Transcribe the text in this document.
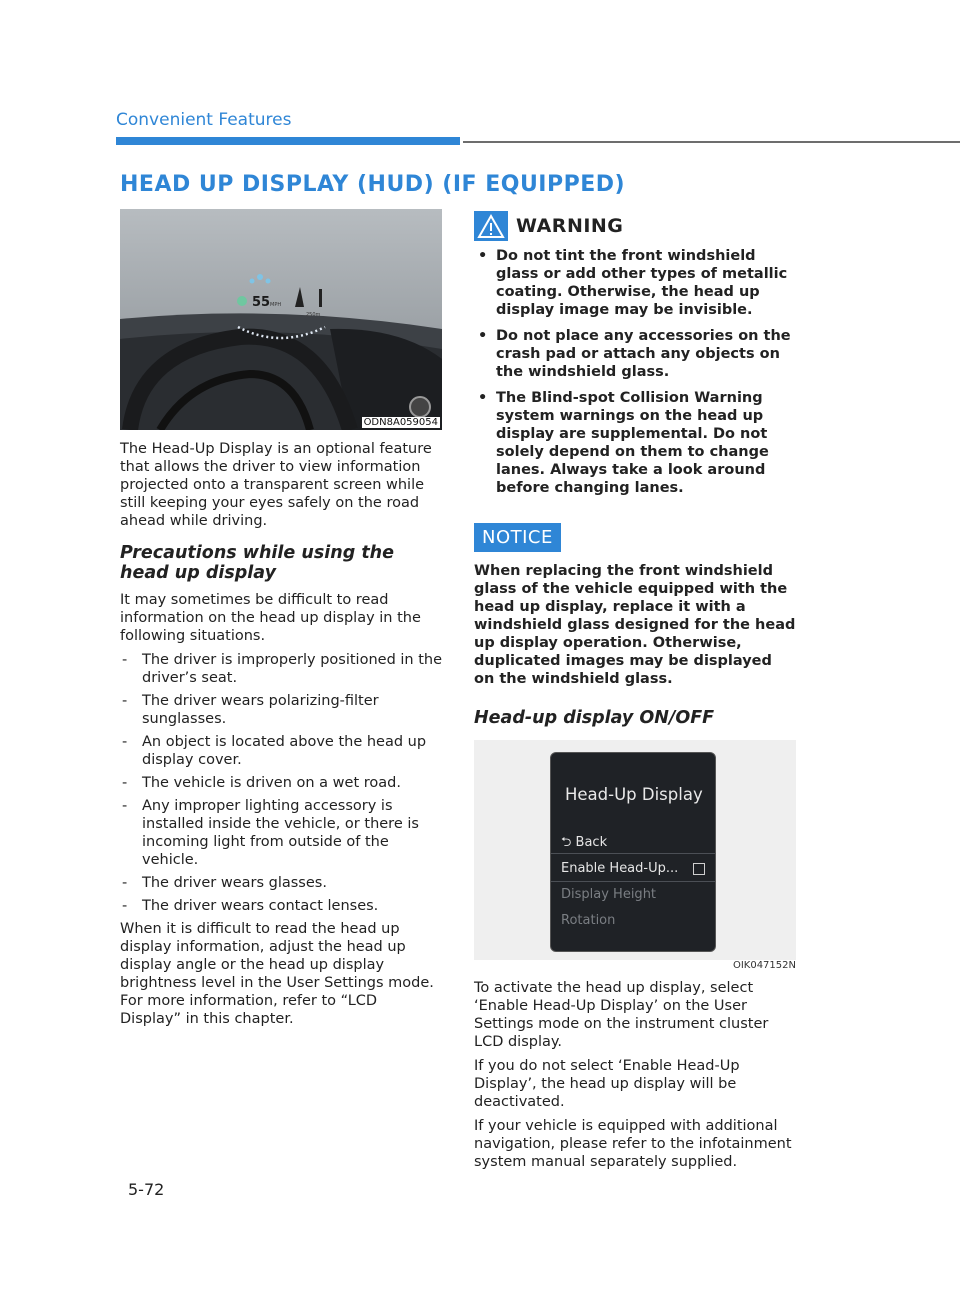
Convenient Features
HEAD UP DISPLAY (HUD) (IF EQUIPPED)
55 MPH
250m
ODN8A059054

The Head-Up Display is an optional feature that allows the driver to view information projected onto a transparent screen while still keeping your eyes safely on the road ahead while driving.

Precautions while using the head up display

It may sometimes be difficult to read information on the head up display in the following situations.

- The driver is improperly positioned in the driver’s seat.
- The driver wears polarizing-filter sunglasses.
- An object is located above the head up display cover.
- The vehicle is driven on a wet road.
- Any improper lighting accessory is installed inside the vehicle, or there is incoming light from outside of the vehicle.
- The driver wears glasses.
- The driver wears contact lenses.

When it is difficult to read the head up display information, adjust the head up display angle or the head up display brightness level in the User Settings mode. For more information, refer to “LCD Display” in this chapter.

WARNING
• Do not tint the front windshield glass or add other types of metallic coating. Otherwise, the head up display image may be invisible.
• Do not place any accessories on the crash pad or attach any objects on the windshield glass.
• The Blind-spot Collision Warning system warnings on the head up display are supplemental. Do not solely depend on them to change lanes. Always take a look around before changing lanes.
NOTICE

When replacing the front windshield glass of the vehicle equipped with the head up display, replace it with a windshield glass designed for the head up display operation. Otherwise, duplicated images may be displayed on the windshield glass.

Head-up display ON/OFF
Head-Up Display
⮌ Back
Enable Head-Up...
Display Height
Rotation
OIK047152N

To activate the head up display, select ‘Enable Head-Up Display’ on the User Settings mode on the instrument cluster LCD display.

If you do not select ‘Enable Head-Up Display’, the head up display will be deactivated.

If your vehicle is equipped with additional navigation, please refer to the infotainment system manual separately supplied.

5-72
